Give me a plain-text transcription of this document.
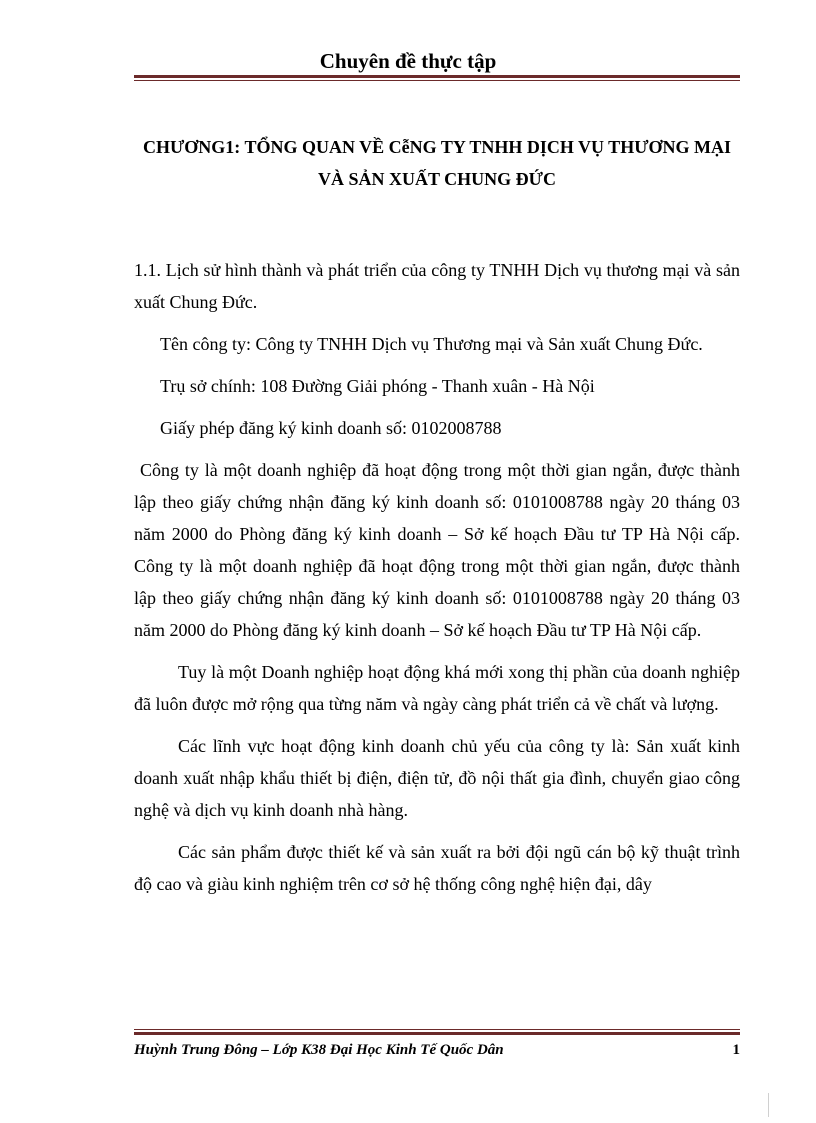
Chuyên đề thực tập
CHƯƠNG1: TỔNG QUAN VỀ CễNG TY TNHH DỊCH VỤ THƯƠNG MẠI VÀ SẢN XUẤT CHUNG ĐỨC

1.1. Lịch sử hình thành và phát triển của công ty TNHH Dịch vụ thương mại và sản xuất Chung Đức.

Tên công ty: Công ty TNHH Dịch vụ Thương mại và Sản xuất Chung Đức.

Trụ sở chính: 108 Đường Giải phóng - Thanh xuân - Hà Nội

Giấy phép đăng ký kinh doanh số: 0102008788

Công ty là một doanh nghiệp đã hoạt động trong một thời gian ngắn, được thành lập theo giấy chứng nhận đăng ký kinh doanh số: 0101008788 ngày 20 tháng 03 năm 2000 do Phòng đăng ký kinh doanh – Sở kế hoạch Đầu tư TP Hà Nội cấp. Công ty là một doanh nghiệp đã hoạt động trong một thời gian ngắn, được thành lập theo giấy chứng nhận đăng ký kinh doanh số: 0101008788 ngày 20 tháng 03 năm 2000 do Phòng đăng ký kinh doanh – Sở kế hoạch Đầu tư TP Hà Nội cấp.

Tuy là một Doanh nghiệp hoạt động khá mới xong thị phần của doanh nghiệp đã luôn được mở rộng qua từng năm và ngày càng phát triển cả về chất và lượng.

Các lĩnh vực hoạt động kinh doanh chủ yếu của công ty là: Sản xuất kinh doanh xuất nhập khẩu thiết bị điện, điện tử, đồ nội thất gia đình, chuyển giao công nghệ và dịch vụ kinh doanh nhà hàng.

Các sản phẩm được thiết kế và sản xuất ra bởi đội ngũ cán bộ kỹ thuật trình độ cao và giàu kinh nghiệm trên cơ sở hệ thống công nghệ hiện đại, dây

Huỳnh Trung Đông – Lớp K38 Đại Học Kinh Tế Quốc Dân	1
